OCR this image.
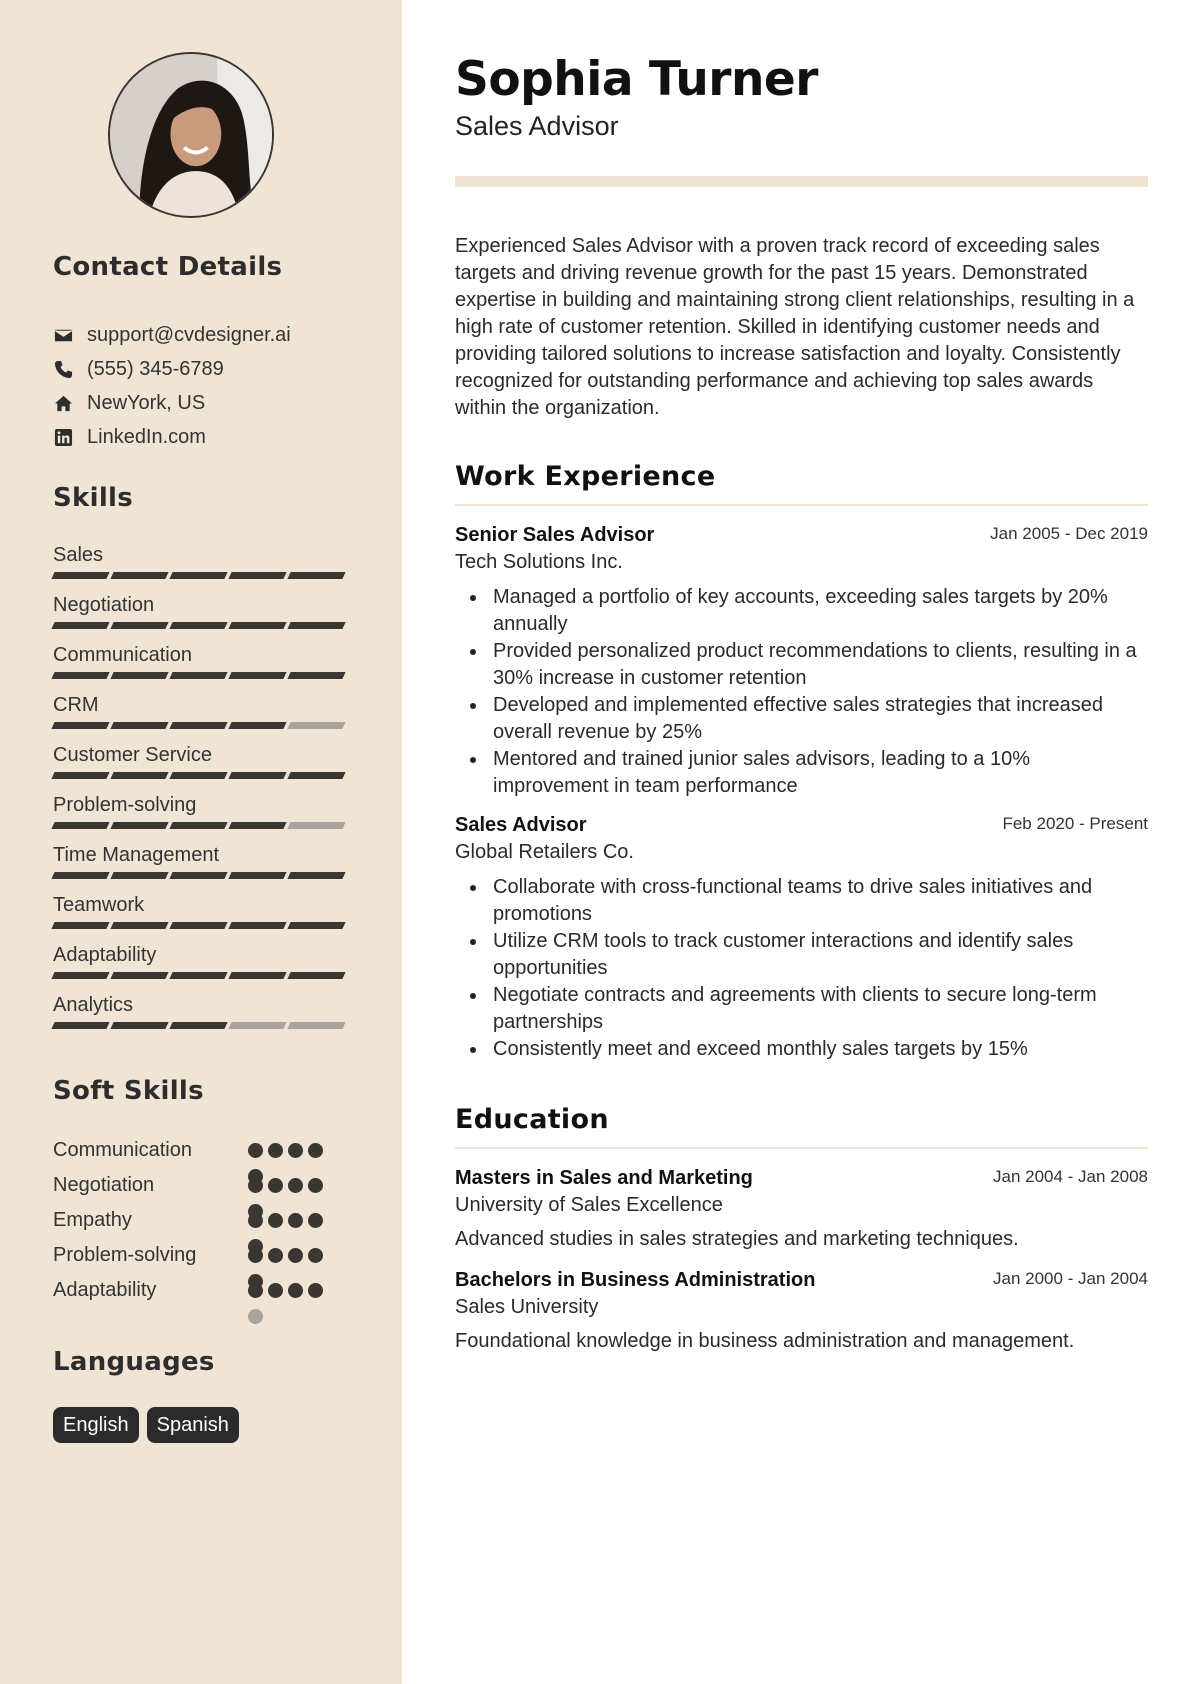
Contact Details
support@cvdesigner.ai
(555) 345-6789
NewYork, US
LinkedIn.com
Skills
Sales
Negotiation
Communication
CRM
Customer Service
Problem-solving
Time Management
Teamwork
Adaptability
Analytics
Soft Skills
Communication
Negotiation
Empathy
Problem-solving
Adaptability
Languages
English	Spanish
Sophia Turner
Sales Advisor

Experienced Sales Advisor with a proven track record of exceeding sales targets and driving revenue growth for the past 15 years. Demonstrated expertise in building and maintaining strong client relationships, resulting in a high rate of customer retention. Skilled in identifying customer needs and providing tailored solutions to increase satisfaction and loyalty. Consistently recognized for outstanding performance and achieving top sales awards within the organization.

Work Experience
Senior Sales Advisor	Jan 2005 - Dec 2019
Tech Solutions Inc.
Managed a portfolio of key accounts, exceeding sales targets by 20% annually
Provided personalized product recommendations to clients, resulting in a 30% increase in customer retention
Developed and implemented effective sales strategies that increased overall revenue by 25%
Mentored and trained junior sales advisors, leading to a 10% improvement in team performance
Sales Advisor	Feb 2020 - Present
Global Retailers Co.
Collaborate with cross-functional teams to drive sales initiatives and promotions
Utilize CRM tools to track customer interactions and identify sales opportunities
Negotiate contracts and agreements with clients to secure long-term partnerships
Consistently meet and exceed monthly sales targets by 15%
Education
Masters in Sales and Marketing	Jan 2004 - Jan 2008
University of Sales Excellence
Advanced studies in sales strategies and marketing techniques.
Bachelors in Business Administration	Jan 2000 - Jan 2004
Sales University
Foundational knowledge in business administration and management.
